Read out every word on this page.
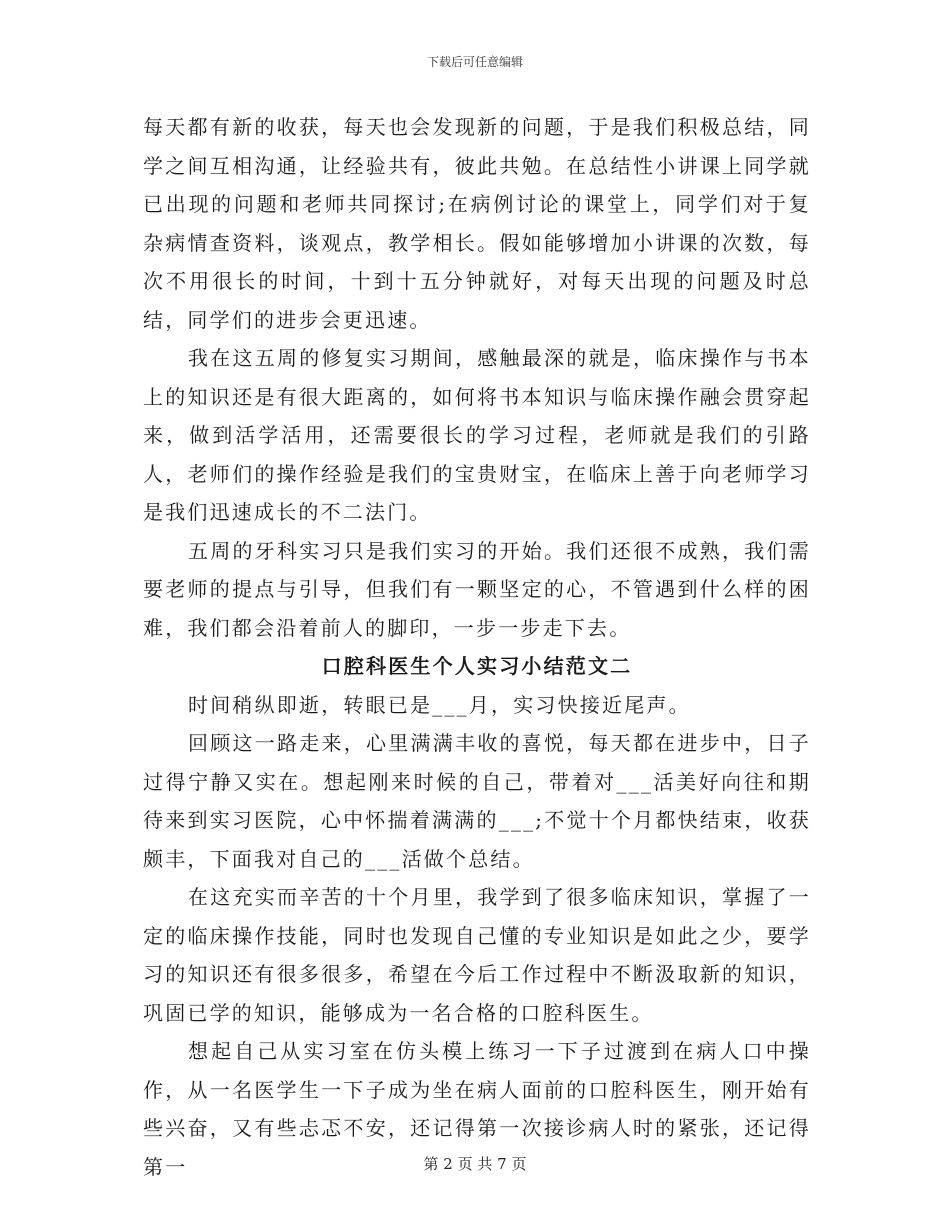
下载后可任意编辑

每天都有新的收获，每天也会发现新的问题，于是我们积极总结，同学之间互相沟通，让经验共有，彼此共勉。在总结性小讲课上同学就已出现的问题和老师共同探讨;在病例讨论的课堂上，同学们对于复杂病情查资料，谈观点，教学相长。假如能够增加小讲课的次数，每次不用很长的时间，十到十五分钟就好，对每天出现的问题及时总结，同学们的进步会更迅速。

我在这五周的修复实习期间，感触最深的就是，临床操作与书本上的知识还是有很大距离的，如何将书本知识与临床操作融会贯穿起来，做到活学活用，还需要很长的学习过程，老师就是我们的引路人，老师们的操作经验是我们的宝贵财宝，在临床上善于向老师学习是我们迅速成长的不二法门。

五周的牙科实习只是我们实习的开始。我们还很不成熟，我们需要老师的提点与引导，但我们有一颗坚定的心，不管遇到什么样的困难，我们都会沿着前人的脚印，一步一步走下去。

口腔科医生个人实习小结范文二

时间稍纵即逝，转眼已是___月，实习快接近尾声。

回顾这一路走来，心里满满丰收的喜悦，每天都在进步中，日子过得宁静又实在。想起刚来时候的自己，带着对___活美好向往和期待来到实习医院，心中怀揣着满满的___;不觉十个月都快结束，收获颇丰，下面我对自己的___活做个总结。

在这充实而辛苦的十个月里，我学到了很多临床知识，掌握了一定的临床操作技能，同时也发现自己懂的专业知识是如此之少，要学习的知识还有很多很多，希望在今后工作过程中不断汲取新的知识，巩固已学的知识，能够成为一名合格的口腔科医生。

想起自己从实习室在仿头模上练习一下子过渡到在病人口中操作，从一名医学生一下子成为坐在病人面前的口腔科医生，刚开始有些兴奋，又有些忐忑不安，还记得第一次接诊病人时的紧张，还记得第一	第 2 页 共 7 页
